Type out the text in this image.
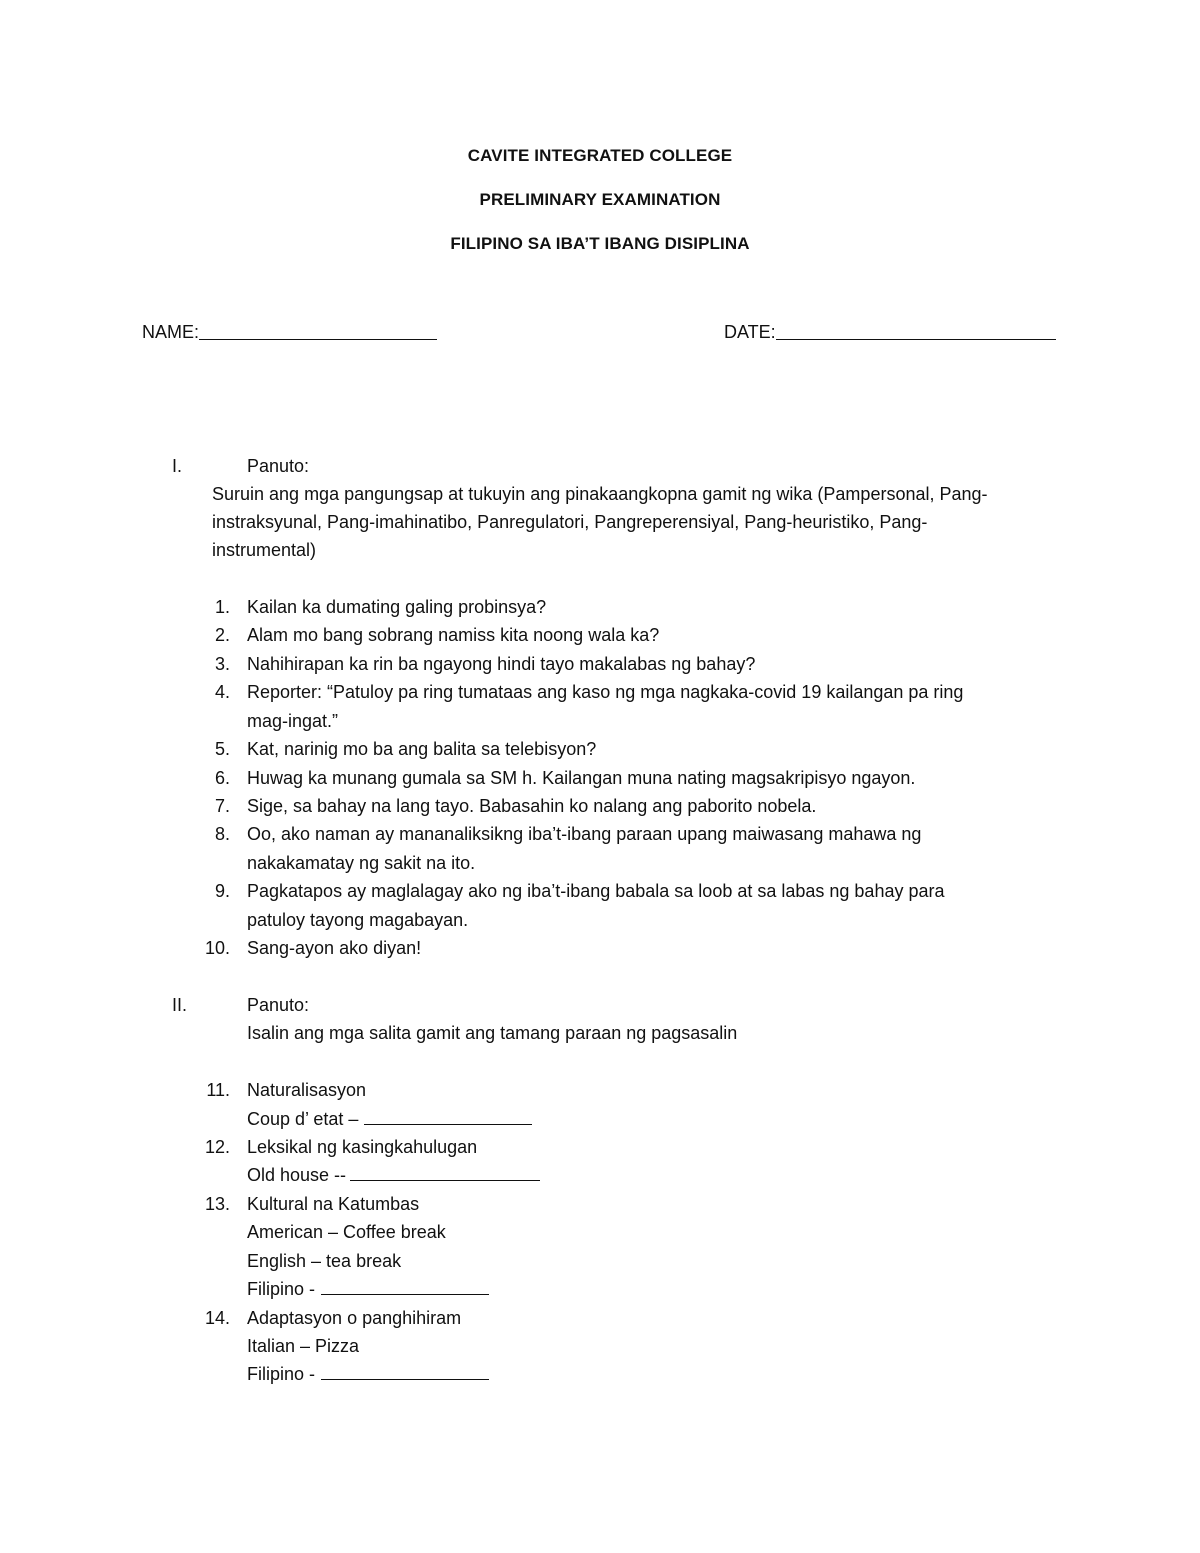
CAVITE INTEGRATED COLLEGE
PRELIMINARY EXAMINATION
FILIPINO SA IBA’T IBANG DISIPLINA
NAME:	DATE:
I.	Panuto:
Suruin ang mga pangungsap at tukuyin ang pinakaangkopna gamit ng wika (Pampersonal, Pang-
instraksyunal, Pang-imahinatibo, Panregulatori, Pangreperensiyal, Pang-heuristiko, Pang-
instrumental)
1. Kailan ka dumating galing probinsya?
2. Alam mo bang sobrang namiss kita noong wala ka?
3. Nahihirapan ka rin ba ngayong hindi tayo makalabas ng bahay?
4. Reporter: “Patuloy pa ring tumataas ang kaso ng mga nagkaka-covid 19 kailangan pa ring
mag-ingat.”
5. Kat, narinig mo ba ang balita sa telebisyon?
6. Huwag ka munang gumala sa SM h. Kailangan muna nating magsakripisyo ngayon.
7. Sige, sa bahay na lang tayo. Babasahin ko nalang ang paborito nobela.
8. Oo, ako naman ay mananaliksikng iba’t-ibang paraan upang maiwasang mahawa ng
nakakamatay ng sakit na ito.
9. Pagkatapos ay maglalagay ako ng iba’t-ibang babala sa loob at sa labas ng bahay para
patuloy tayong magabayan.
10. Sang-ayon ako diyan!
II.	Panuto:
Isalin ang mga salita gamit ang tamang paraan ng pagsasalin
11. Naturalisasyon
Coup d’ etat –
12. Leksikal ng kasingkahulugan
Old house --
13. Kultural na Katumbas
American – Coffee break
English – tea break
Filipino -
14. Adaptasyon o panghihiram
Italian – Pizza
Filipino -
